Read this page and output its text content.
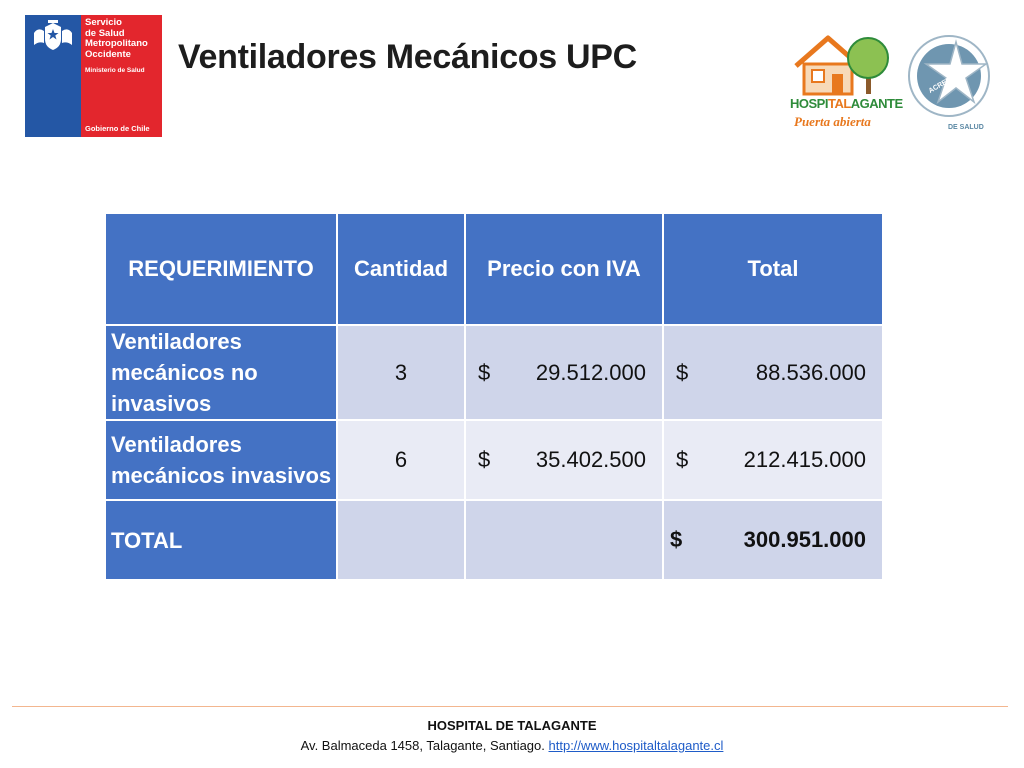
Servicio
de Salud
Metropolitano
Occidente
Ministerio de Salud
Gobierno de Chile
Ventiladores Mecánicos UPC
HOSPITALAGANTE
Puerta abierta
ACREDITADO
DE SALUD
REQUERIMIENTO	Cantidad	Precio con IVA	Total
Ventiladores mecánicos no invasivos	3	$ 29.512.000	$ 88.536.000

Ventiladores mecánicos invasivos	6	$ 35.402.500	$ 212.415.000

TOTAL			$ 300.951.000
HOSPITAL DE TALAGANTE
Av. Balmaceda 1458, Talagante, Santiago. http://www.hospitaltalagante.cl
